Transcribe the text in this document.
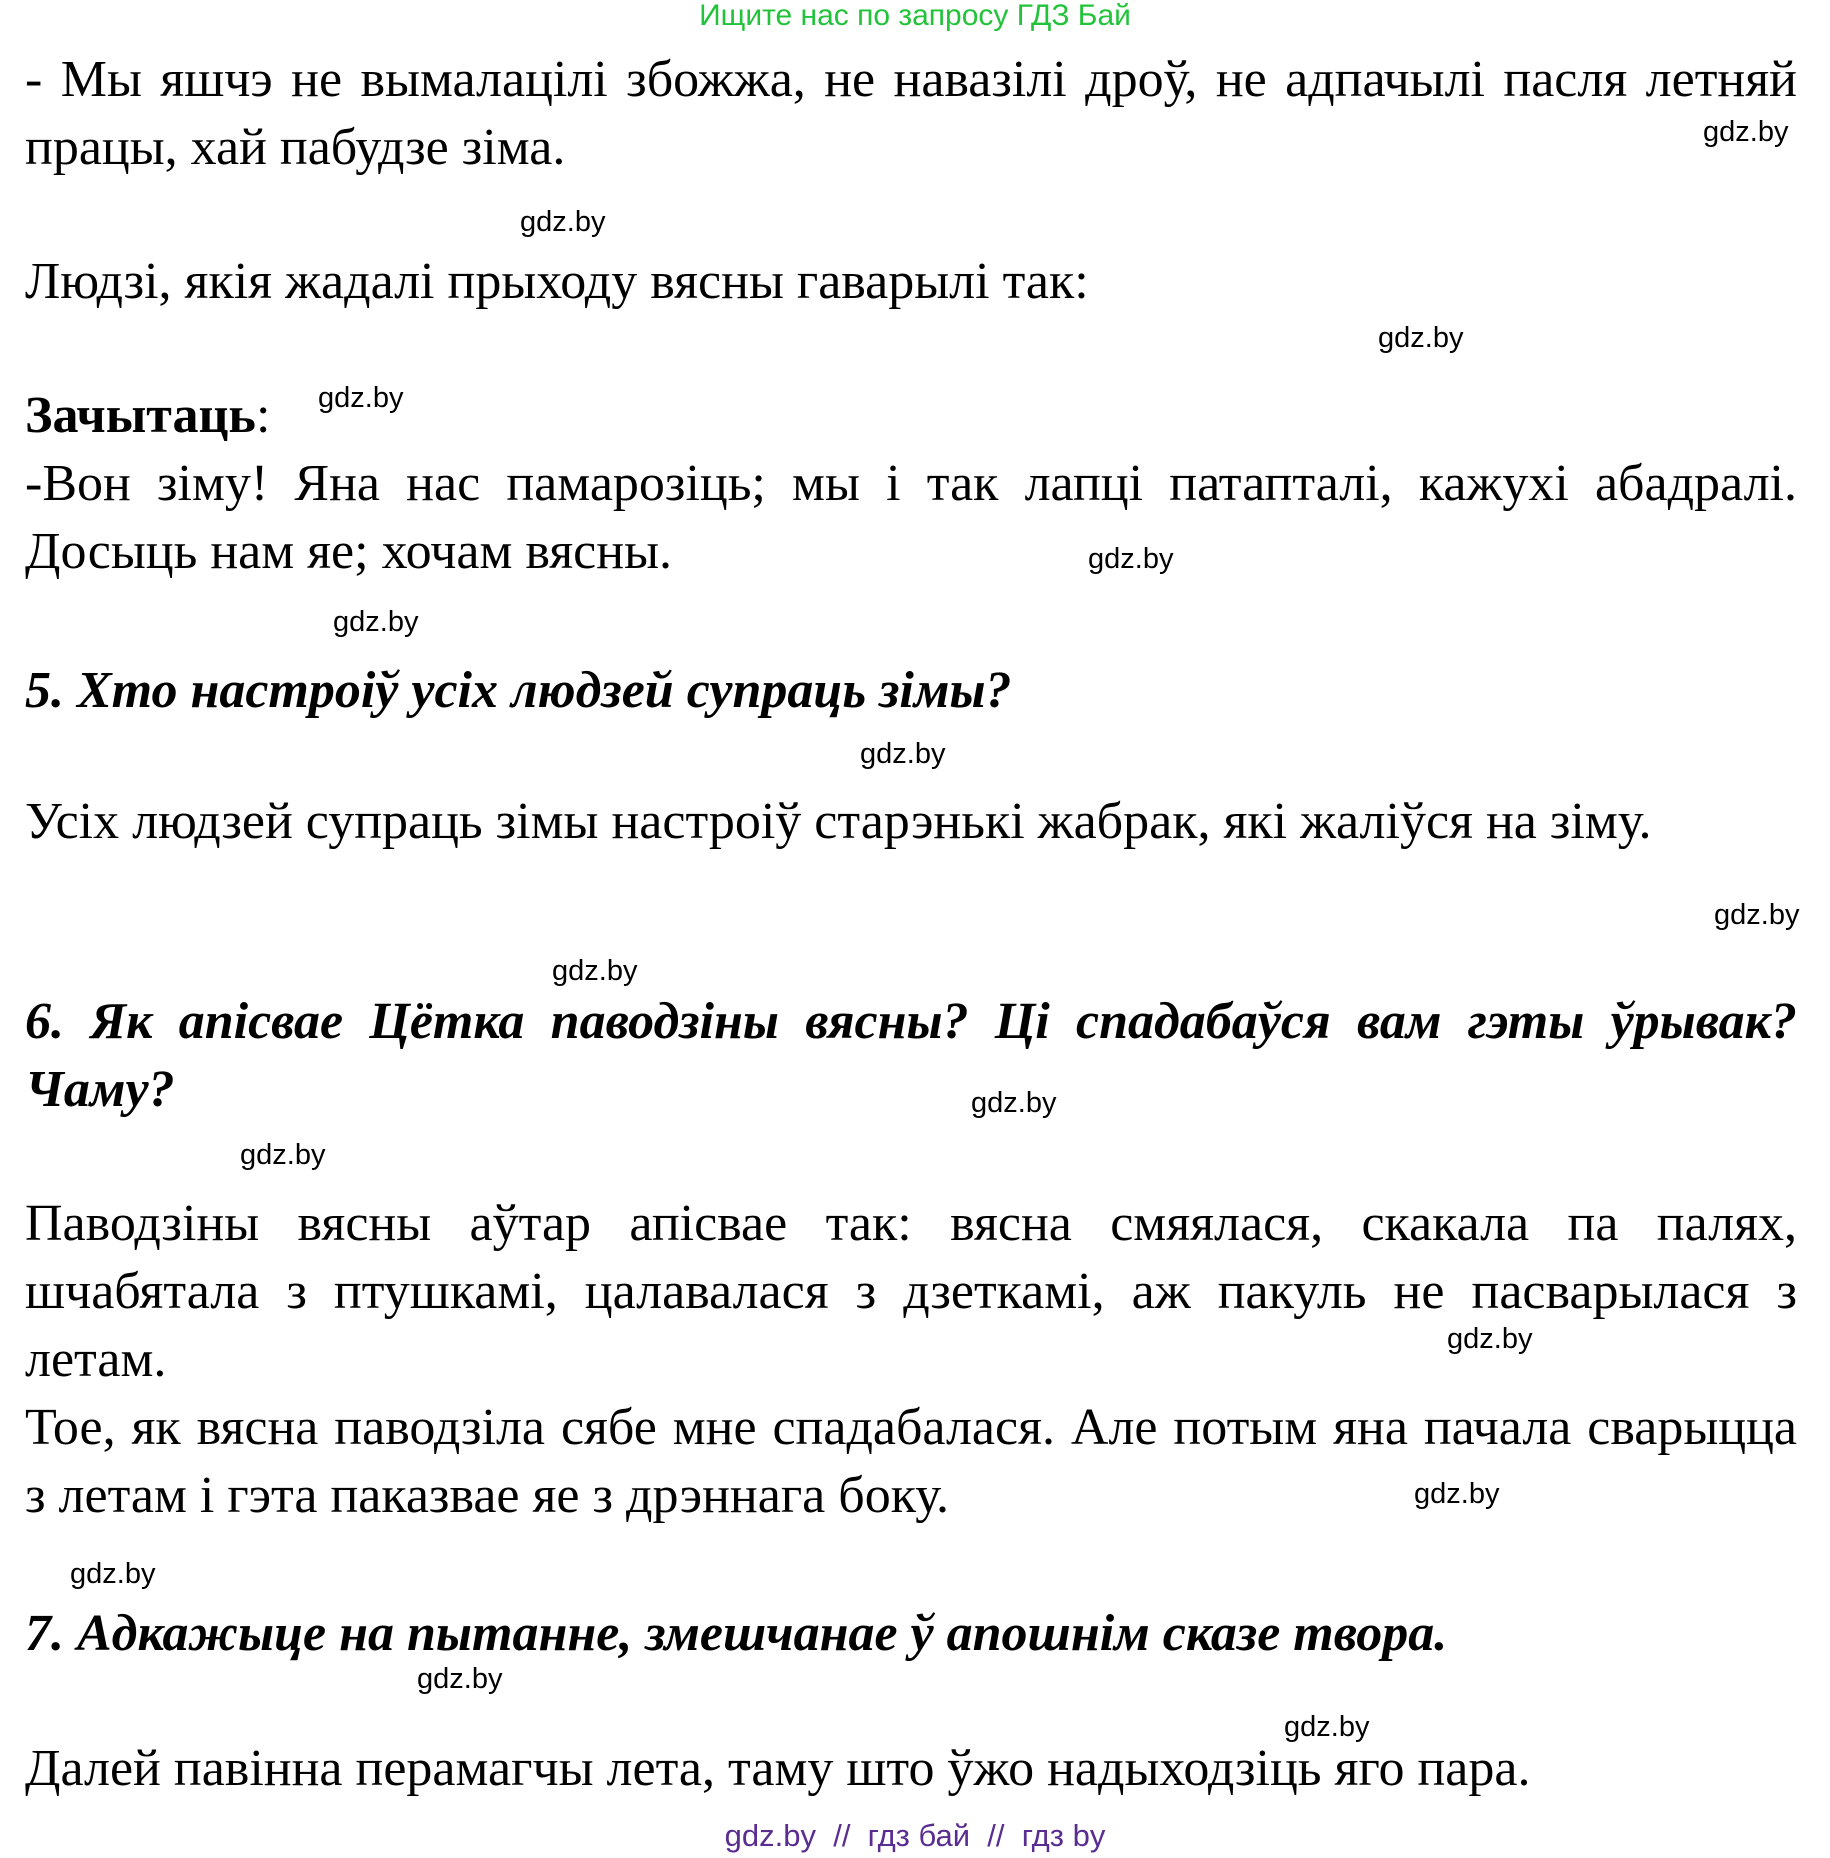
Ищите нас по запросу ГДЗ Бай

- Мы яшчэ не вымалацілі збожжа, не навазілі дроў, не адпачылі пасля летняй працы, хай пабудзе зіма.

Людзі, якія жадалі прыходу вясны гаварылі так:

Зачытаць:

-Вон зіму! Яна нас памарозіць; мы і так лапці патапталі, кажухі абадралі. Досыць нам яе; хочам вясны.

5. Хто настроіў усіх людзей супраць зімы?

Усіх людзей супраць зімы настроіў старэнькі жабрак, які жаліўся на зіму.

6. Як апісвае Цётка паводзіны вясны? Ці спадабаўся вам гэты ўрывак? Чаму?

Паводзіны вясны аўтар апісвае так: вясна смяялася, скакала па палях, шчабятала з птушкамі, цалавалася з дзеткамі, аж пакуль не пасварылася з летам.

Тое, як вясна паводзіла сябе мне спадабалася. Але потым яна пачала сварыцца з летам і гэта паказвае яе з дрэннага боку.

7. Адкажыце на пытанне, змешчанае ў апошнім сказе твора.

Далей павінна перамагчы лета, таму што ўжо надыходзіць яго пара.

gdz.by
gdz.by
gdz.by
gdz.by
gdz.by
gdz.by
gdz.by
gdz.by
gdz.by
gdz.by
gdz.by
gdz.by
gdz.by
gdz.by
gdz.by
gdz.by
gdz.by  //  гдз бай  //  гдз by
